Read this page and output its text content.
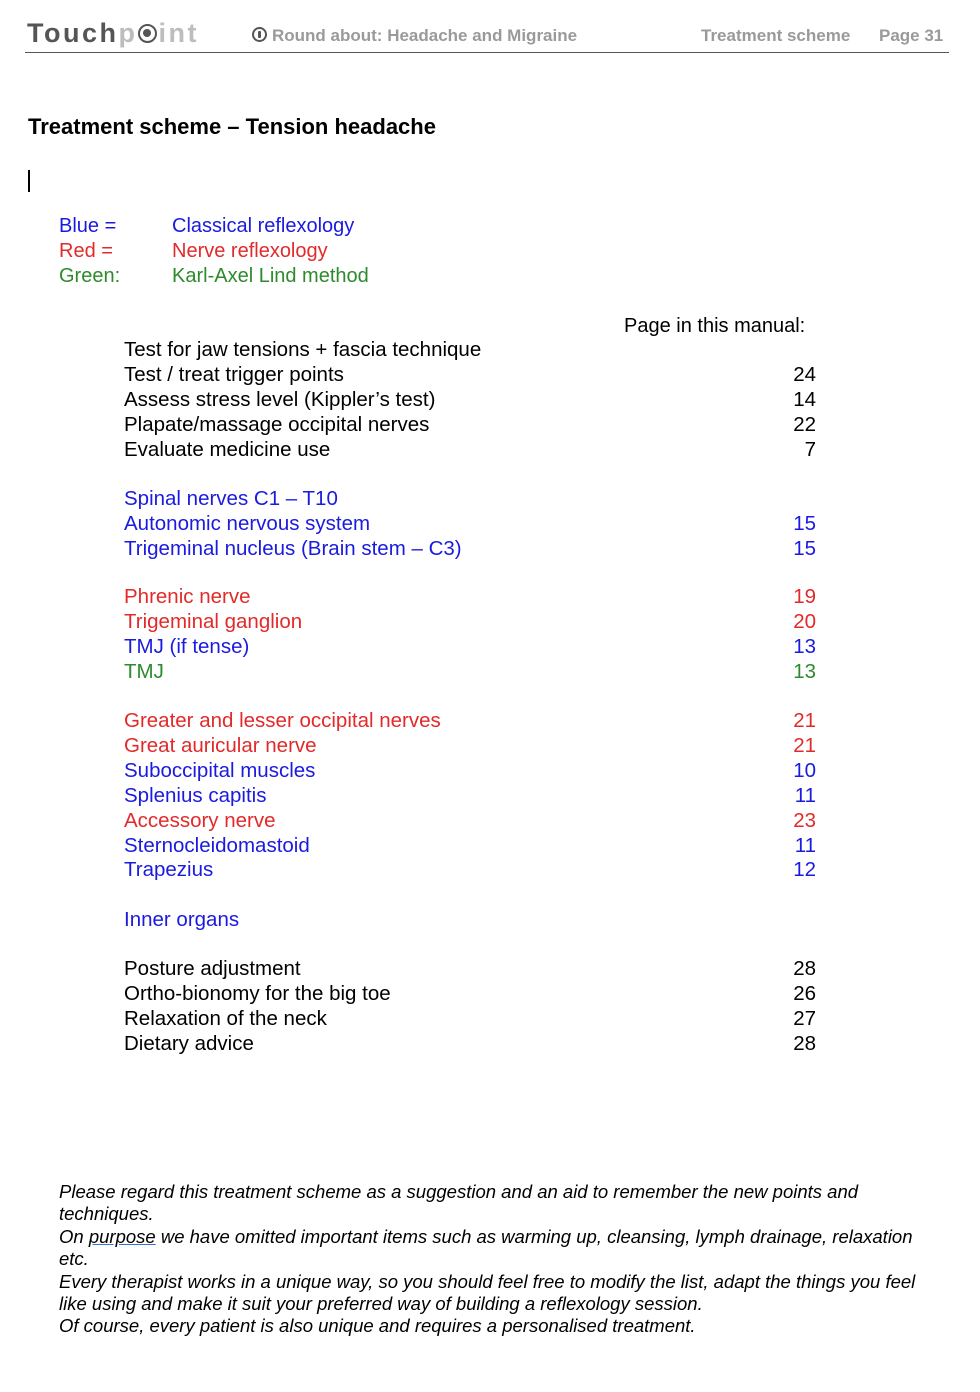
Touchp int	Round about: Headache and Migraine	Treatment scheme Page 31
Treatment scheme – Tension headache
Blue =	Classical reflexology
Red =	Nerve reflexology
Green:	Karl-Axel Lind method
Page in this manual:
Test for jaw tensions + fascia technique
Test / treat trigger points	24
Assess stress level (Kippler’s test)	14
Plapate/massage occipital nerves	22
Evaluate medicine use	7
Spinal nerves C1 – T10
Autonomic nervous system	15
Trigeminal nucleus (Brain stem – C3)	15
Phrenic nerve	19
Trigeminal ganglion	20
TMJ (if tense)	13
TMJ	13
Greater and lesser occipital nerves	21
Great auricular nerve	21
Suboccipital muscles	10
Splenius capitis	11
Accessory nerve	23
Sternocleidomastoid	11
Trapezius	12
Inner organs
Posture adjustment	28
Ortho-bionomy for the big toe	26
Relaxation of the neck	27
Dietary advice	28

Please regard this treatment scheme as a suggestion and an aid to remember the new points and techniques.

On purpose we have omitted important items such as warming up, cleansing, lymph drainage, relaxation etc.

Every therapist works in a unique way, so you should feel free to modify the list, adapt the things you feel like using and make it suit your preferred way of building a reflexology session.

Of course, every patient is also unique and requires a personalised treatment.
